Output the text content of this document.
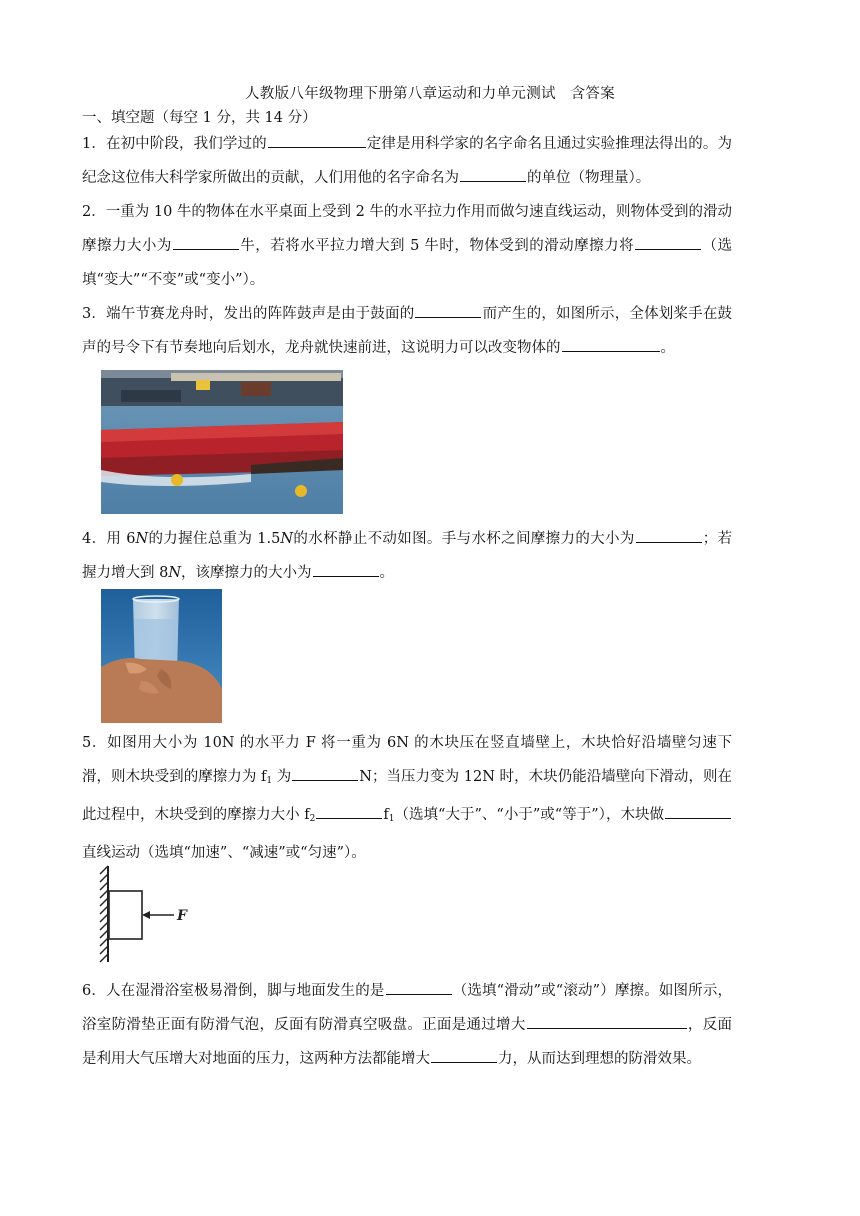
人教版八年级物理下册第八章运动和力单元测试　含答案
一、填空题（每空 1 分，共 14 分）
1．在初中阶段，我们学过的	定律是用科学家的名字命名且通过实验推理法得出的。为纪念这位伟大科学家所做出的贡献，人们用他的名字命名为	的单位（物理量）。
2．一重为 10 牛的物体在水平桌面上受到 2 牛的水平拉力作用而做匀速直线运动，则物体受到的滑动摩擦力大小为	牛，若将水平拉力增大到 5 牛时，物体受到的滑动摩擦力将	（选填“变大”“不变”或“变小”）。
3．端午节赛龙舟时，发出的阵阵鼓声是由于鼓面的	而产生的，如图所示，全体划桨手在鼓声的号令下有节奏地向后划水，龙舟就快速前进，这说明力可以改变物体的	。
4．用 6N的力握住总重为 1.5N的水杯静止不动如图。手与水杯之间摩擦力的大小为	；若握力增大到 8N，该摩擦力的大小为	。
5．如图用大小为 10N 的水平力 F 将一重为 6N 的木块压在竖直墙壁上，木块恰好沿墙壁匀速下滑，则木块受到的摩擦力为 $f_1$ 为	N；当压力变为 12N 时，木块仍能沿墙壁向下滑动，则在此过程中，木块受到的摩擦力大小 $f_2$	$f_1$（选填“大于”、“小于”或“等于”），木块做直线运动（选填“加速”、“减速”或“匀速”）。
F
6．人在湿滑浴室极易滑倒，脚与地面发生的是	（选填“滑动”或“滚动”）摩擦。如图所示，浴室防滑垫正面有防滑气泡，反面有防滑真空吸盘。正面是通过增大	，反面是利用大气压增大对地面的压力，这两种方法都能增大	力，从而达到理想的防滑效果。
